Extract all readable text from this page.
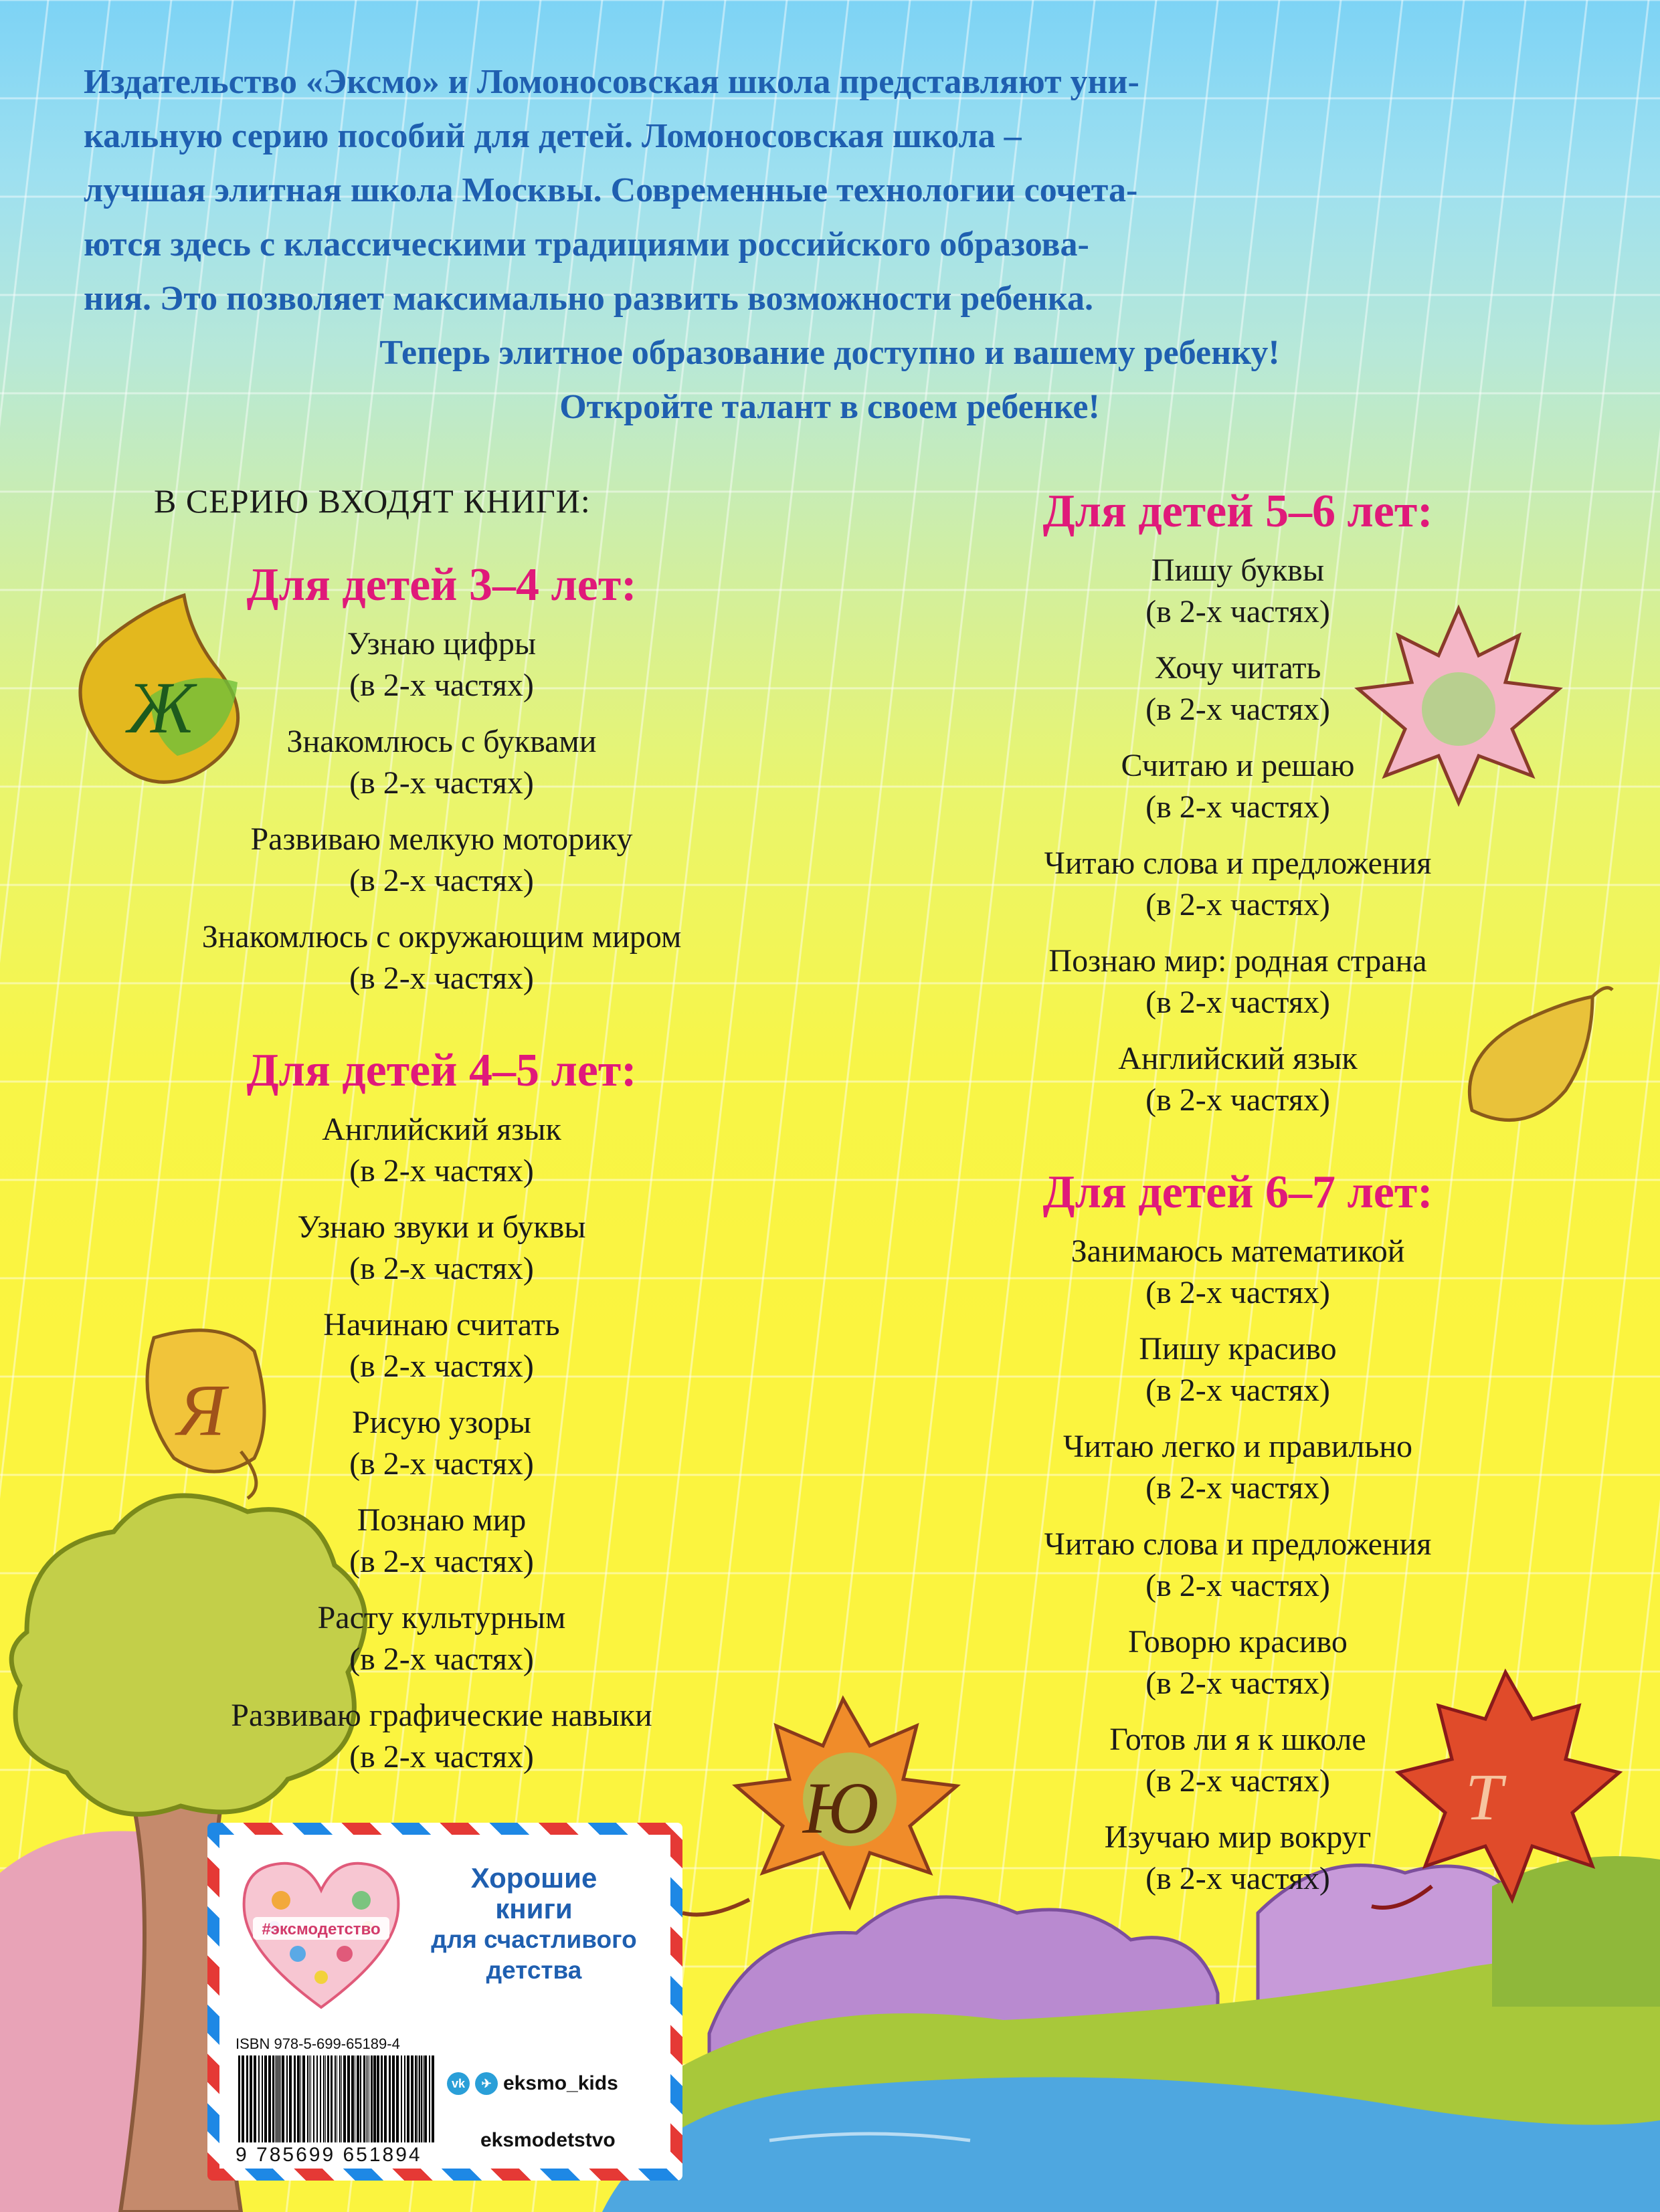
Издательство «Эксмо» и Ломоносовская школа представляют уни-

кальную серию пособий для детей. Ломоносовская школа –

лучшая элитная школа Москвы. Современные технологии сочета-

ются здесь с классическими традициями российского образова-

ния. Это позволяет максимально развить возможности ребенка.

Теперь элитное образование доступно и вашему ребенку!

Откройте талант в своем ребенке!

В СЕРИЮ ВХОДЯТ КНИГИ:
Ж
Я
Ю	Т
Для детей 3–4 лет:
Узнаю цифры
(в 2-х частях)
Знакомлюсь с буквами
(в 2-х частях)
Развиваю мелкую моторику
(в 2-х частях)
Знакомлюсь с окружающим миром
(в 2-х частях)
Для детей 4–5 лет:
Английский язык
(в 2-х частях)
Узнаю звуки и буквы
(в 2-х частях)
Начинаю считать
(в 2-х частях)
Рисую узоры
(в 2-х частях)
Познаю мир
(в 2-х частях)
Расту культурным
(в 2-х частях)
Развиваю графические навыки
(в 2-х частях)
Для детей 5–6 лет:
Пишу буквы
(в 2-х частях)
Хочу читать
(в 2-х частях)
Считаю и решаю
(в 2-х частях)
Читаю слова и предложения
(в 2-х частях)
Познаю мир: родная страна
(в 2-х частях)
Английский язык
(в 2-х частях)
Для детей 6–7 лет:
Занимаюсь математикой
(в 2-х частях)
Пишу красиво
(в 2-х частях)
Читаю легко и правильно
(в 2-х частях)
Читаю слова и предложения
(в 2-х частях)
Говорю красиво
(в 2-х частях)
Готов ли я к школе
(в 2-х частях)
Изучаю мир вокруг
(в 2-х частях)
#эксмодетство
Хорошие
книги
для счастливого
детства
ISBN 978-5-699-65189-4
9 785699 651894
vk	✈ eksmo_kids
eksmodetstvo
